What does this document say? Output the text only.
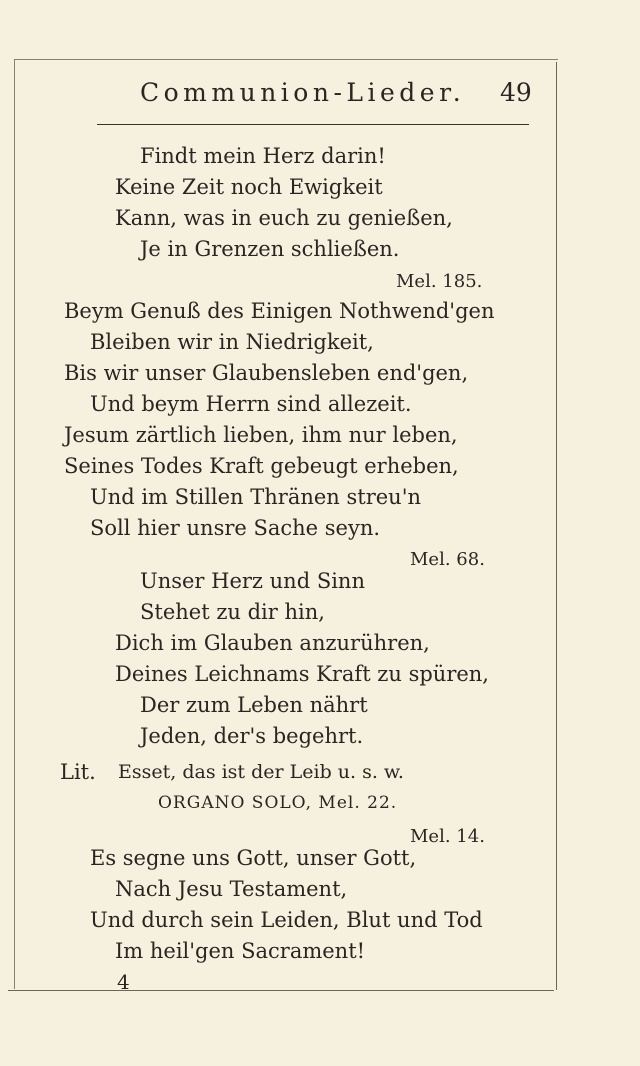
Communion-Lieder. 49
Findt mein Herz darin!
Keine Zeit noch Ewigkeit
Kann, was in euch zu genießen,
Je in Grenzen schließen.
Mel. 185.
Beym Genuß des Einigen Nothwend'gen
Bleiben wir in Niedrigkeit,
Bis wir unser Glaubensleben end'gen,
Und beym Herrn sind allezeit.
Jesum zärtlich lieben, ihm nur leben,
Seines Todes Kraft gebeugt erheben,
Und im Stillen Thränen streu'n
Soll hier unsre Sache seyn.
Mel. 68.
Unser Herz und Sinn
Stehet zu dir hin,
Dich im Glauben anzurühren,
Deines Leichnams Kraft zu spüren,
Der zum Leben nährt
Jeden, der's begehrt.
Lit. Esset, das ist der Leib u. s. w.
ORGANO SOLO, Mel. 22.
Mel. 14.
Es segne uns Gott, unser Gott,
Nach Jesu Testament,
Und durch sein Leiden, Blut und Tod
Im heil'gen Sacrament!
4
